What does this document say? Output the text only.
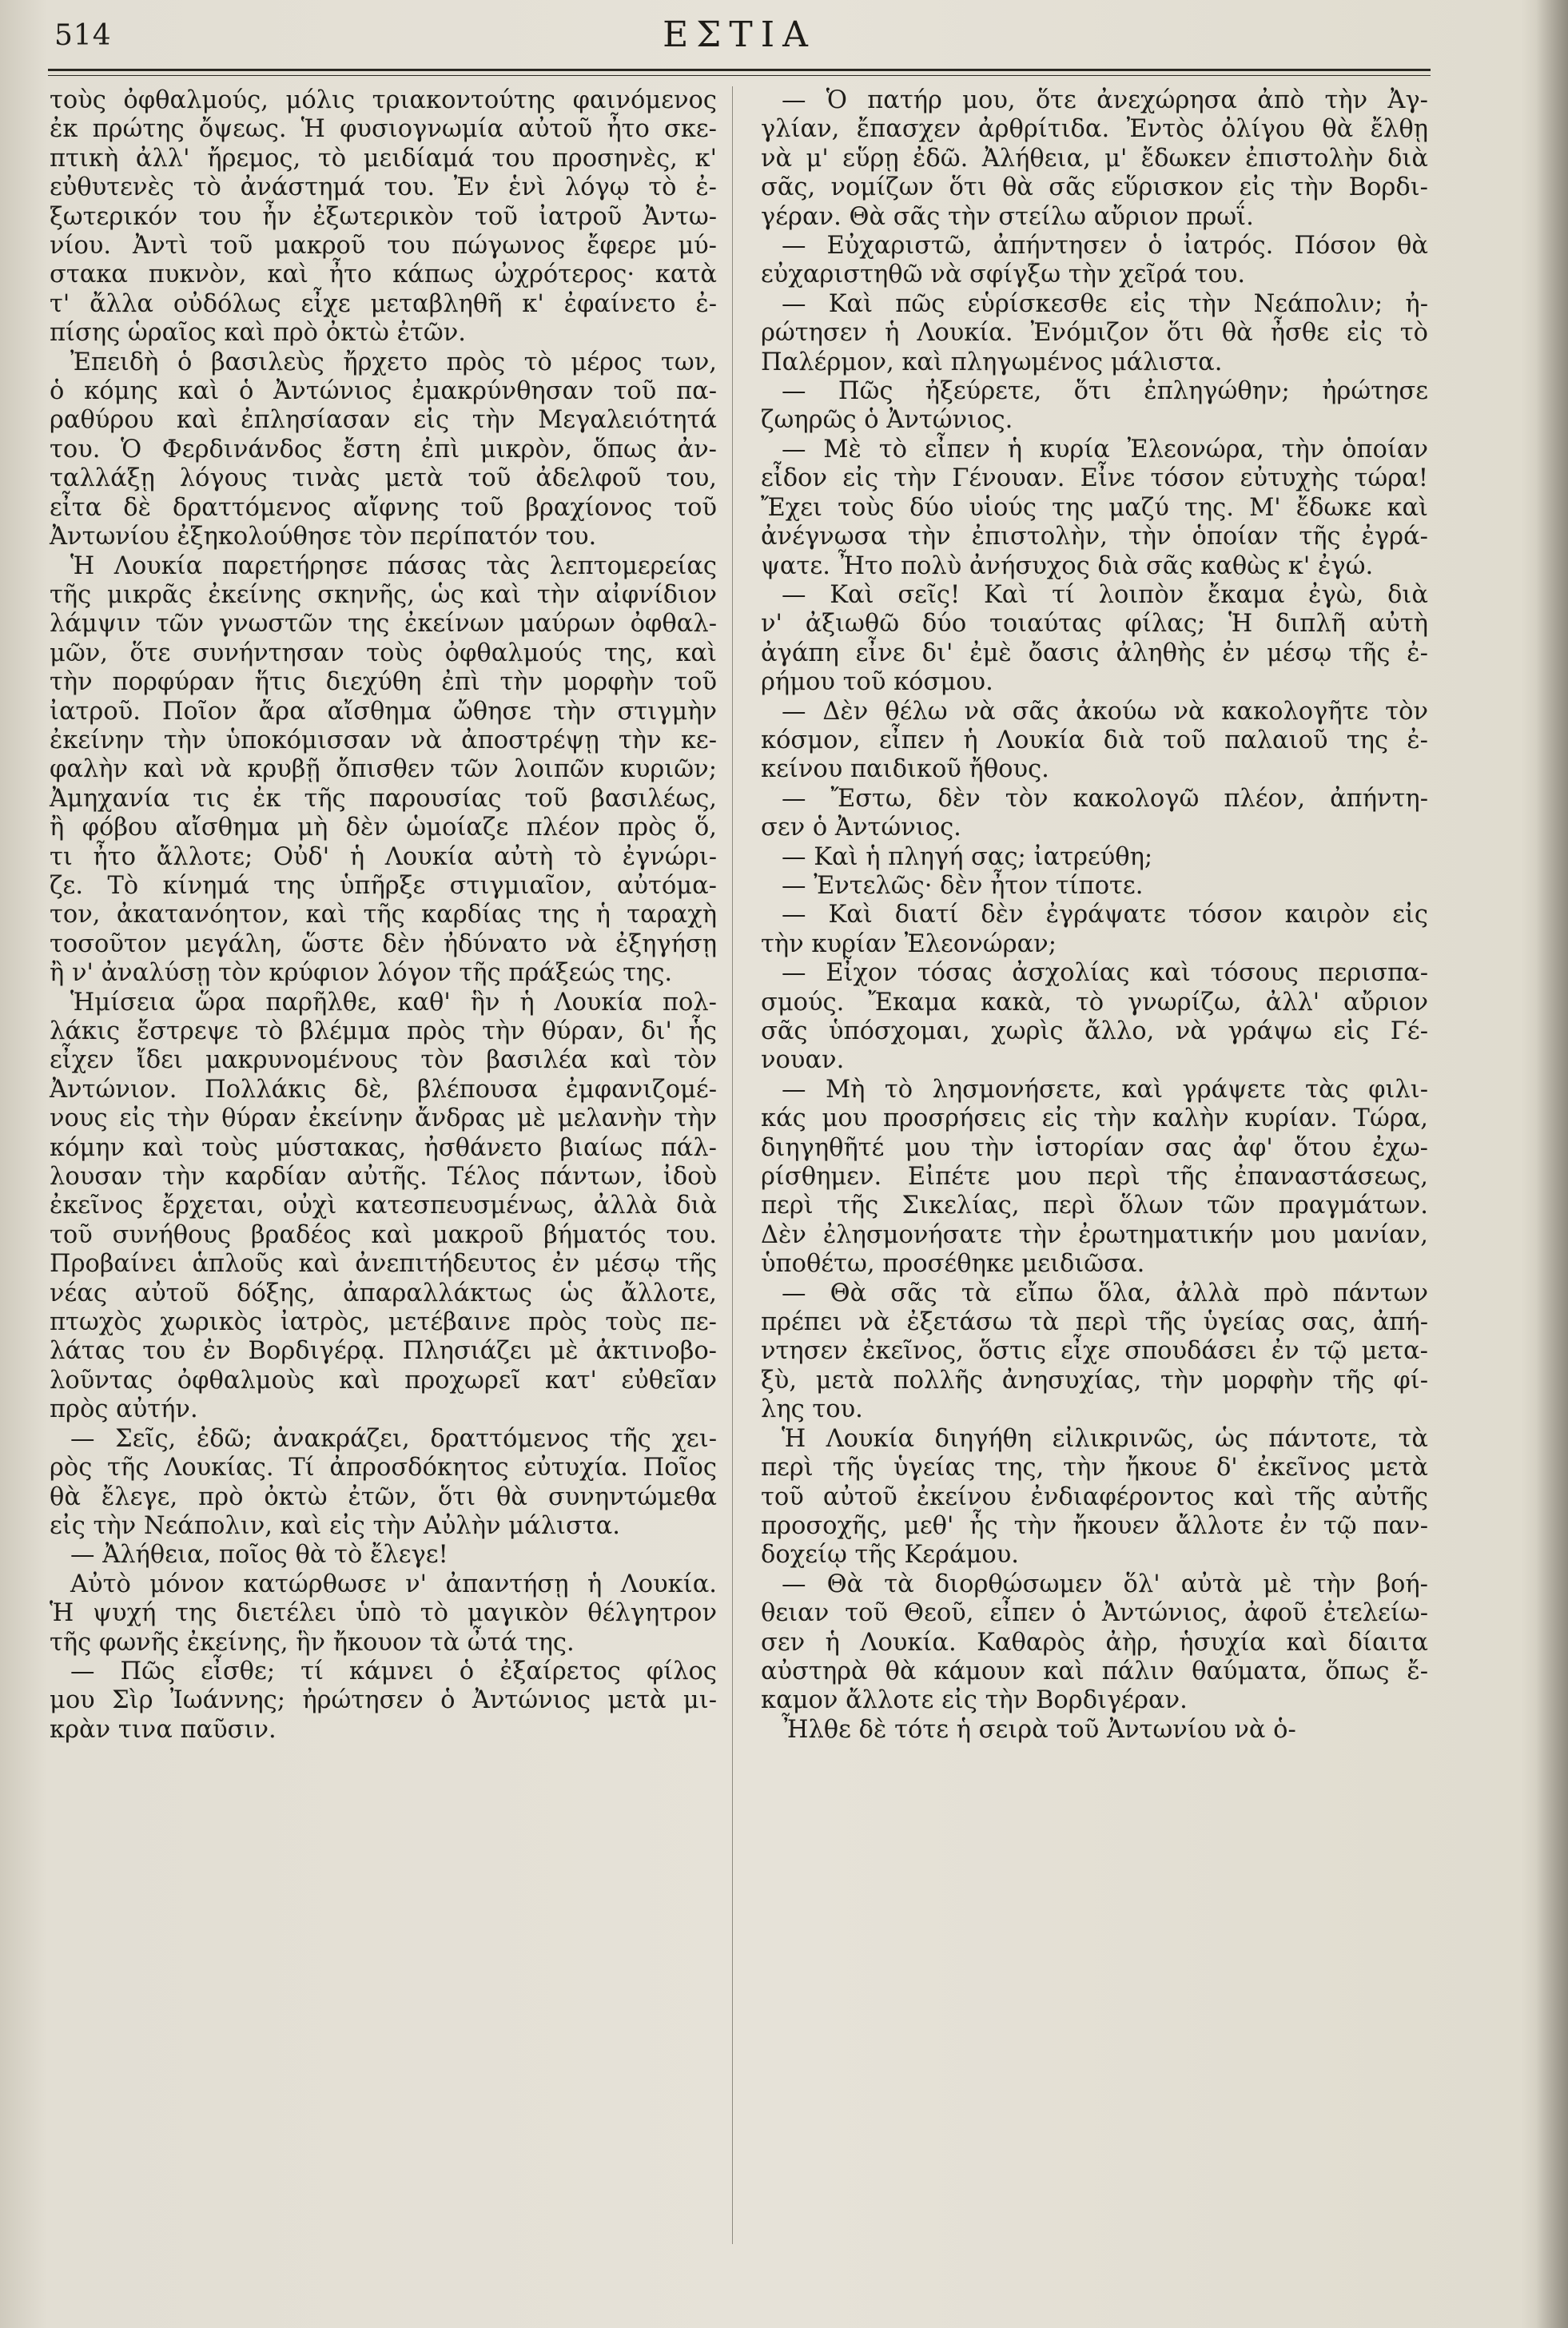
514	ΕΣΤΙΑ
τοὺς ὀφθαλμούς, μόλις τριακοντούτης φαινόμενος
ἐκ πρώτης ὄψεως. Ἡ φυσιογνωμία αὐτοῦ ἦτο σκε-
πτικὴ ἀλλ' ἤρεμος, τὸ μειδίαμά του προσηνὲς, κ'
εὐθυτενὲς τὸ ἀνάστημά του. Ἐν ἑνὶ λόγῳ τὸ ἐ-
ξωτερικόν του ἦν ἐξωτερικὸν τοῦ ἰατροῦ Ἀντω-
νίου. Ἀντὶ τοῦ μακροῦ του πώγωνος ἔφερε μύ-
στακα πυκνὸν, καὶ ἦτο κάπως ὠχρότερος· κατὰ
τ' ἄλλα οὐδόλως εἶχε μεταβληθῆ κ' ἐφαίνετο ἐ-
πίσης ὡραῖος καὶ πρὸ ὀκτὼ ἐτῶν.
Ἐπειδὴ ὁ βασιλεὺς ἤρχετο πρὸς τὸ μέρος των,
ὁ κόμης καὶ ὁ Ἀντώνιος ἐμακρύνθησαν τοῦ πα-
ραθύρου καὶ ἐπλησίασαν εἰς τὴν Μεγαλειότητά
του. Ὁ Φερδινάνδος ἔστη ἐπὶ μικρὸν, ὅπως ἀν-
ταλλάξῃ λόγους τινὰς μετὰ τοῦ ἀδελφοῦ του,
εἶτα δὲ δραττόμενος αἴφνης τοῦ βραχίονος τοῦ
Ἀντωνίου ἐξηκολούθησε τὸν περίπατόν του.
Ἡ Λουκία παρετήρησε πάσας τὰς λεπτομερείας
τῆς μικρᾶς ἐκείνης σκηνῆς, ὡς καὶ τὴν αἰφνίδιον
λάμψιν τῶν γνωστῶν της ἐκείνων μαύρων ὀφθαλ-
μῶν, ὅτε συνήντησαν τοὺς ὀφθαλμούς της, καὶ
τὴν πορφύραν ἥτις διεχύθη ἐπὶ τὴν μορφὴν τοῦ
ἰατροῦ. Ποῖον ἄρα αἴσθημα ὤθησε τὴν στιγμὴν
ἐκείνην τὴν ὑποκόμισσαν νὰ ἀποστρέψῃ τὴν κε-
φαλὴν καὶ νὰ κρυβῇ ὄπισθεν τῶν λοιπῶν κυριῶν;
Ἀμηχανία τις ἐκ τῆς παρουσίας τοῦ βασιλέως,
ἢ φόβου αἴσθημα μὴ δὲν ὡμοίαζε πλέον πρὸς ὅ,
τι ἦτο ἄλλοτε; Οὐδ' ἡ Λουκία αὐτὴ τὸ ἐγνώρι-
ζε. Τὸ κίνημά της ὑπῆρξε στιγμιαῖον, αὐτόμα-
τον, ἀκατανόητον, καὶ τῆς καρδίας της ἡ ταραχὴ
τοσοῦτον μεγάλη, ὥστε δὲν ἠδύνατο νὰ ἐξηγήσῃ
ἢ ν' ἀναλύσῃ τὸν κρύφιον λόγον τῆς πράξεώς της.
Ἡμίσεια ὥρα παρῆλθε, καθ' ἣν ἡ Λουκία πολ-
λάκις ἔστρεψε τὸ βλέμμα πρὸς τὴν θύραν, δι' ἧς
εἶχεν ἴδει μακρυνομένους τὸν βασιλέα καὶ τὸν
Ἀντώνιον. Πολλάκις δὲ, βλέπουσα ἐμφανιζομέ-
νους εἰς τὴν θύραν ἐκείνην ἄνδρας μὲ μελανὴν τὴν
κόμην καὶ τοὺς μύστακας, ἠσθάνετο βιαίως πάλ-
λουσαν τὴν καρδίαν αὐτῆς. Τέλος πάντων, ἰδοὺ
ἐκεῖνος ἔρχεται, οὐχὶ κατεσπευσμένως, ἀλλὰ διὰ
τοῦ συνήθους βραδέος καὶ μακροῦ βήματός του.
Προβαίνει ἁπλοῦς καὶ ἀνεπιτήδευτος ἐν μέσῳ τῆς
νέας αὐτοῦ δόξης, ἀπαραλλάκτως ὡς ἄλλοτε,
πτωχὸς χωρικὸς ἰατρὸς, μετέβαινε πρὸς τοὺς πε-
λάτας του ἐν Βορδιγέρᾳ. Πλησιάζει μὲ ἀκτινοβο-
λοῦντας ὀφθαλμοὺς καὶ προχωρεῖ κατ' εὐθεῖαν
πρὸς αὐτήν.
— Σεῖς, ἐδῶ; ἀνακράζει, δραττόμενος τῆς χει-
ρὸς τῆς Λουκίας. Τί ἀπροσδόκητος εὐτυχία. Ποῖος
θὰ ἔλεγε, πρὸ ὀκτὼ ἐτῶν, ὅτι θὰ συνηντώμεθα
εἰς τὴν Νεάπολιν, καὶ εἰς τὴν Αὐλὴν μάλιστα.
— Ἀλήθεια, ποῖος θὰ τὸ ἔλεγε!
Αὐτὸ μόνον κατώρθωσε ν' ἀπαντήσῃ ἡ Λουκία.
Ἡ ψυχή της διετέλει ὑπὸ τὸ μαγικὸν θέλγητρον
τῆς φωνῆς ἐκείνης, ἣν ἤκουον τὰ ὦτά της.
— Πῶς εἶσθε; τί κάμνει ὁ ἐξαίρετος φίλος
μου Σὶρ Ἰωάννης; ἠρώτησεν ὁ Ἀντώνιος μετὰ μι-
κρὰν τινα παῦσιν.
— Ὁ πατήρ μου, ὅτε ἀνεχώρησα ἀπὸ τὴν Ἀγ-
γλίαν, ἔπασχεν ἀρθρίτιδα. Ἐντὸς ὀλίγου θὰ ἔλθῃ
νὰ μ' εὕρῃ ἐδῶ. Ἀλήθεια, μ' ἔδωκεν ἐπιστολὴν διὰ
σᾶς, νομίζων ὅτι θὰ σᾶς εὕρισκον εἰς τὴν Βορδι-
γέραν. Θὰ σᾶς τὴν στείλω αὔριον πρωΐ.
— Εὐχαριστῶ, ἀπήντησεν ὁ ἰατρός. Πόσον θὰ
εὐχαριστηθῶ νὰ σφίγξω τὴν χεῖρά του.
— Καὶ πῶς εὑρίσκεσθε εἰς τὴν Νεάπολιν; ἠ-
ρώτησεν ἡ Λουκία. Ἐνόμιζον ὅτι θὰ ἦσθε εἰς τὸ
Παλέρμον, καὶ πληγωμένος μάλιστα.
— Πῶς ἠξεύρετε, ὅτι ἐπληγώθην; ἠρώτησε
ζωηρῶς ὁ Ἀντώνιος.
— Μὲ τὸ εἶπεν ἡ κυρία Ἐλεονώρα, τὴν ὁποίαν
εἶδον εἰς τὴν Γένουαν. Εἶνε τόσον εὐτυχὴς τώρα!
Ἔχει τοὺς δύο υἱούς της μαζύ της. Μ' ἔδωκε καὶ
ἀνέγνωσα τὴν ἐπιστολὴν, τὴν ὁποίαν τῆς ἐγρά-
ψατε. Ἦτο πολὺ ἀνήσυχος διὰ σᾶς καθὼς κ' ἐγώ.
— Καὶ σεῖς! Καὶ τί λοιπὸν ἔκαμα ἐγὼ, διὰ
ν' ἀξιωθῶ δύο τοιαύτας φίλας; Ἡ διπλῆ αὐτὴ
ἀγάπη εἶνε δι' ἐμὲ ὄασις ἀληθὴς ἐν μέσῳ τῆς ἐ-
ρήμου τοῦ κόσμου.
— Δὲν θέλω νὰ σᾶς ἀκούω νὰ κακολογῆτε τὸν
κόσμον, εἶπεν ἡ Λουκία διὰ τοῦ παλαιοῦ της ἐ-
κείνου παιδικοῦ ἤθους.
— Ἔστω, δὲν τὸν κακολογῶ πλέον, ἀπήντη-
σεν ὁ Ἀντώνιος.
— Καὶ ἡ πληγή σας; ἰατρεύθη;
— Ἐντελῶς· δὲν ἦτον τίποτε.
— Καὶ διατί δὲν ἐγράψατε τόσον καιρὸν εἰς
τὴν κυρίαν Ἐλεονώραν;
— Εἶχον τόσας ἀσχολίας καὶ τόσους περισπα-
σμούς. Ἔκαμα κακὰ, τὸ γνωρίζω, ἀλλ' αὔριον
σᾶς ὑπόσχομαι, χωρὶς ἄλλο, νὰ γράψω εἰς Γέ-
νουαν.
— Μὴ τὸ λησμονήσετε, καὶ γράψετε τὰς φιλι-
κάς μου προσρήσεις εἰς τὴν καλὴν κυρίαν. Τώρα,
διηγηθῆτέ μου τὴν ἱστορίαν σας ἀφ' ὅτου ἐχω-
ρίσθημεν. Εἰπέτε μου περὶ τῆς ἐπαναστάσεως,
περὶ τῆς Σικελίας, περὶ ὅλων τῶν πραγμάτων.
Δὲν ἐλησμονήσατε τὴν ἐρωτηματικήν μου μανίαν,
ὑποθέτω, προσέθηκε μειδιῶσα.
— Θὰ σᾶς τὰ εἴπω ὅλα, ἀλλὰ πρὸ πάντων
πρέπει νὰ ἐξετάσω τὰ περὶ τῆς ὑγείας σας, ἀπή-
ντησεν ἐκεῖνος, ὅστις εἶχε σπουδάσει ἐν τῷ μετα-
ξὺ, μετὰ πολλῆς ἀνησυχίας, τὴν μορφὴν τῆς φί-
λης του.
Ἡ Λουκία διηγήθη εἰλικρινῶς, ὡς πάντοτε, τὰ
περὶ τῆς ὑγείας της, τὴν ἤκουε δ' ἐκεῖνος μετὰ
τοῦ αὐτοῦ ἐκείνου ἐνδιαφέροντος καὶ τῆς αὐτῆς
προσοχῆς, μεθ' ἧς τὴν ἤκουεν ἄλλοτε ἐν τῷ παν-
δοχείῳ τῆς Κεράμου.
— Θὰ τὰ διορθώσωμεν ὅλ' αὐτὰ μὲ τὴν βοή-
θειαν τοῦ Θεοῦ, εἶπεν ὁ Ἀντώνιος, ἀφοῦ ἐτελείω-
σεν ἡ Λουκία. Καθαρὸς ἀὴρ, ἡσυχία καὶ δίαιτα
αὐστηρὰ θὰ κάμουν καὶ πάλιν θαύματα, ὅπως ἔ-
καμον ἄλλοτε εἰς τὴν Βορδιγέραν.
Ἦλθε δὲ τότε ἡ σειρὰ τοῦ Ἀντωνίου νὰ ὁ-
